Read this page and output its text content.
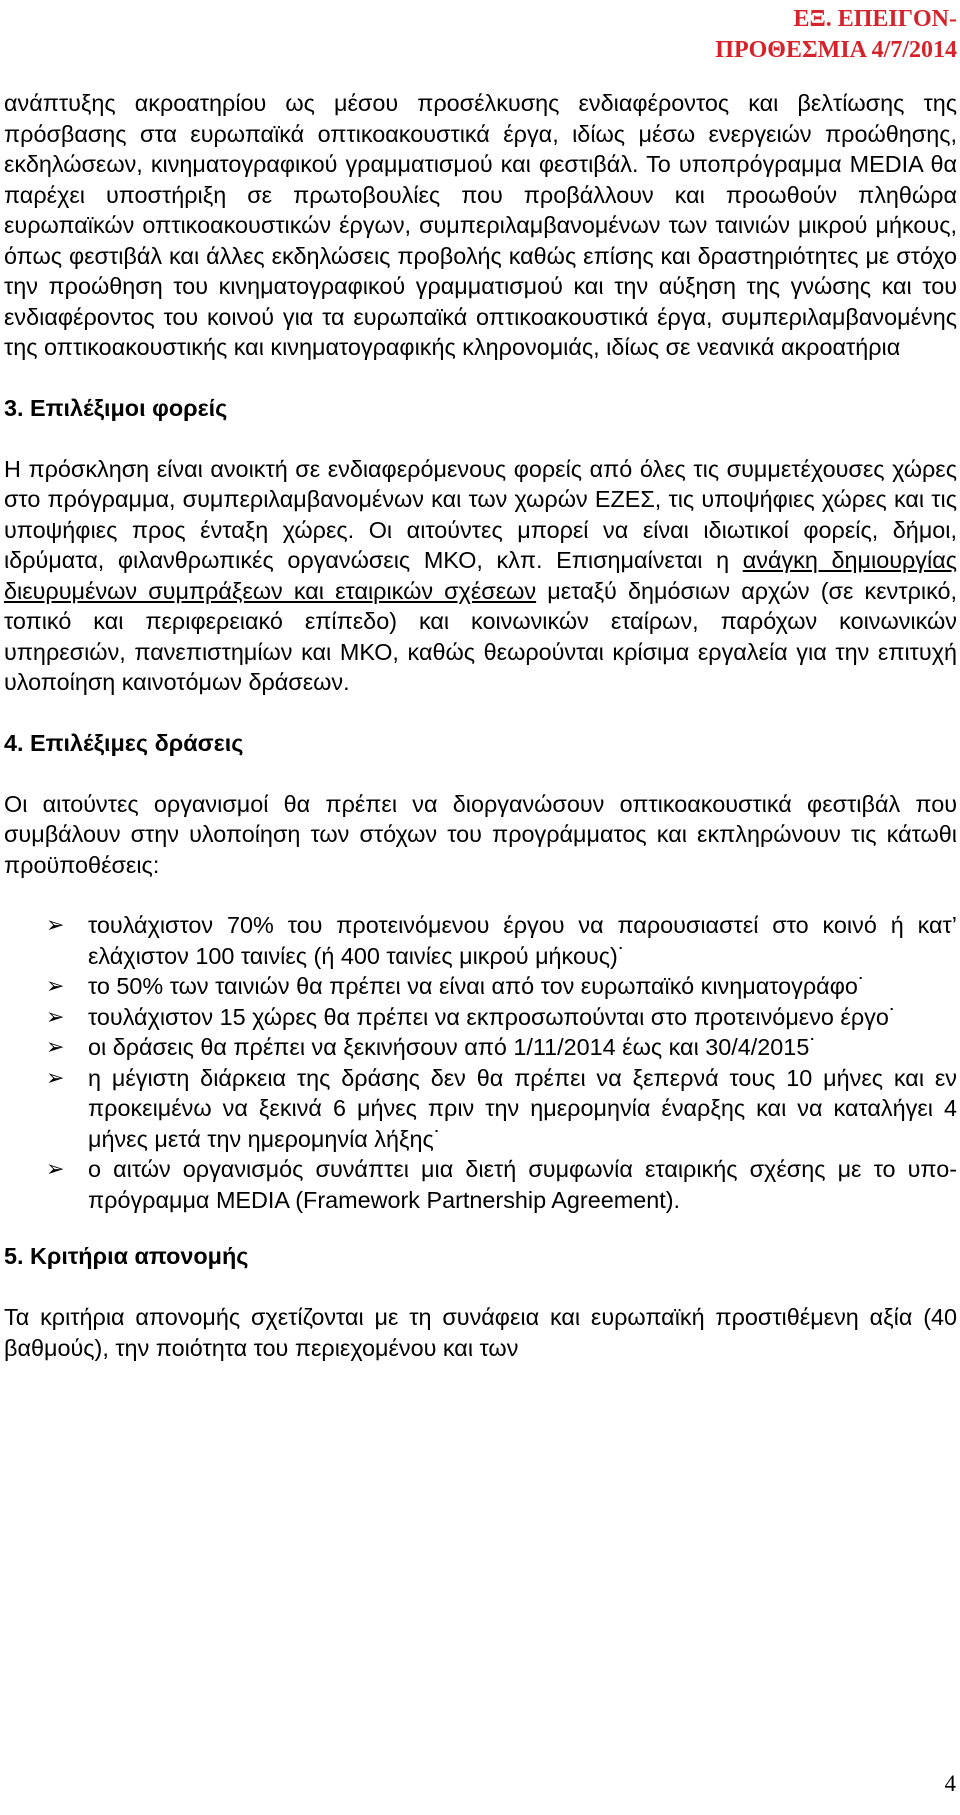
ΕΞ. ΕΠΕΙΓΟΝ-
ΠΡΟΘΕΣΜΙΑ 4/7/2014

ανάπτυξης ακροατηρίου ως μέσου προσέλκυσης ενδιαφέροντος και βελτίωσης της πρόσβασης στα ευρωπαϊκά οπτικοακουστικά έργα, ιδίως μέσω ενεργειών προώθησης, εκδηλώσεων, κινηματογραφικού γραμματισμού και φεστιβάλ. Το υποπρόγραμμα MEDIA θα παρέχει υποστήριξη σε πρωτοβουλίες που προβάλλουν και προωθούν πληθώρα ευρωπαϊκών οπτικοακουστικών έργων, συμπεριλαμβανομένων των ταινιών μικρού μήκους, όπως φεστιβάλ και άλλες εκδηλώσεις προβολής καθώς επίσης και δραστηριότητες με στόχο την προώθηση του κινηματογραφικού γραμματισμού και την αύξηση της γνώσης και του ενδιαφέροντος του κοινού για τα ευρωπαϊκά οπτικοακουστικά έργα, συμπεριλαμβανομένης της οπτικοακουστικής και κινηματογραφικής κληρονομιάς, ιδίως σε νεανικά ακροατήρια

3. Επιλέξιμοι φορείς

Η πρόσκληση είναι ανοικτή σε ενδιαφερόμενους φορείς από όλες τις συμμετέχουσες χώρες στο πρόγραμμα, συμπεριλαμβανομένων και των χωρών ΕΖΕΣ, τις υποψήφιες χώρες και τις υποψήφιες προς ένταξη χώρες. Οι αιτούντες μπορεί να είναι ιδιωτικοί φορείς, δήμοι, ιδρύματα, φιλανθρωπικές οργανώσεις ΜΚΟ, κλπ. Επισημαίνεται η ανάγκη δημιουργίας διευρυμένων συμπράξεων και εταιρικών σχέσεων μεταξύ δημόσιων αρχών (σε κεντρικό, τοπικό και περιφερειακό επίπεδο) και κοινωνικών εταίρων, παρόχων κοινωνικών υπηρεσιών, πανεπιστημίων και ΜΚΟ, καθώς θεωρούνται κρίσιμα εργαλεία για την επιτυχή υλοποίηση καινοτόμων δράσεων.

4. Επιλέξιμες δράσεις

Οι αιτούντες οργανισμοί θα πρέπει να διοργανώσουν οπτικοακουστικά φεστιβάλ που συμβάλουν στην υλοποίηση των στόχων του προγράμματος και εκπληρώνουν τις κάτωθι προϋποθέσεις:

➢ τουλάχιστον 70% του προτεινόμενου έργου να παρουσιαστεί στο κοινό ή κατ’ ελάχιστον 100 ταινίες (ή 400 ταινίες μικρού μήκους)˙
➢ το 50% των ταινιών θα πρέπει να είναι από τον ευρωπαϊκό κινηματογράφο˙
➢ τουλάχιστον 15 χώρες θα πρέπει να εκπροσωπούνται στο προτεινόμενο έργο˙
➢ οι δράσεις θα πρέπει να ξεκινήσουν από 1/11/2014 έως και 30/4/2015˙
➢ η μέγιστη διάρκεια της δράσης δεν θα πρέπει να ξεπερνά τους 10 μήνες και εν προκειμένω να ξεκινά 6 μήνες πριν την ημερομηνία έναρξης και να καταλήγει 4 μήνες μετά την ημερομηνία λήξης˙
➢ ο αιτών οργανισμός συνάπτει μια διετή συμφωνία εταιρικής σχέσης με το υπο-πρόγραμμα MEDIA (Framework Partnership Agreement).
5. Κριτήρια απονομής

Τα κριτήρια απονομής σχετίζονται με τη συνάφεια και ευρωπαϊκή προστιθέμενη αξία (40 βαθμούς), την ποιότητα του περιεχομένου και των

4
